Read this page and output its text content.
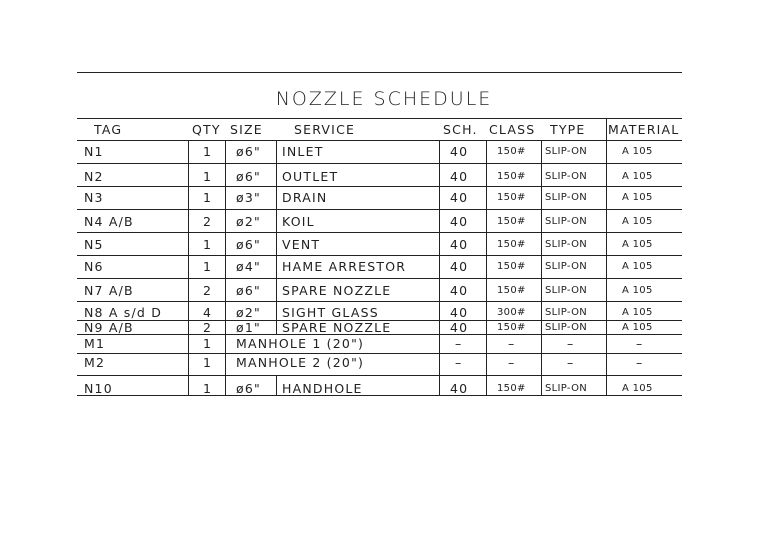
NOZZLE SCHEDULE
TAG	QTY SIZE SERVICE	SCH. CLASS TYPE MATERIAL
N1	1 ø6" INLET	40	150# SLIP-ON	A 105
N2	1 ø6" OUTLET	40	150# SLIP-ON	A 105
N3	1 ø3" DRAIN	40	150# SLIP-ON	A 105
N4 A/B	2 ø2" KOIL	40	150# SLIP-ON	A 105
N5	1 ø6" VENT	40	150# SLIP-ON	A 105
N6	1 ø4" HAME ARRESTOR	40	150# SLIP-ON	A 105
N7 A/B	2 ø6" SPARE NOZZLE	40	150# SLIP-ON	A 105
N8 A s/d D	4 ø2" SIGHT GLASS	40	300# SLIP-ON	A 105
N9 A/B	2 ø1" SPARE NOZZLE	40	150# SLIP-ON	A 105
M1	1 MANHOLE 1 (20")	–	–	–	–
M2	1 MANHOLE 2 (20")	–	–	–	–
N10	1 ø6" HANDHOLE	40	150# SLIP-ON	A 105
